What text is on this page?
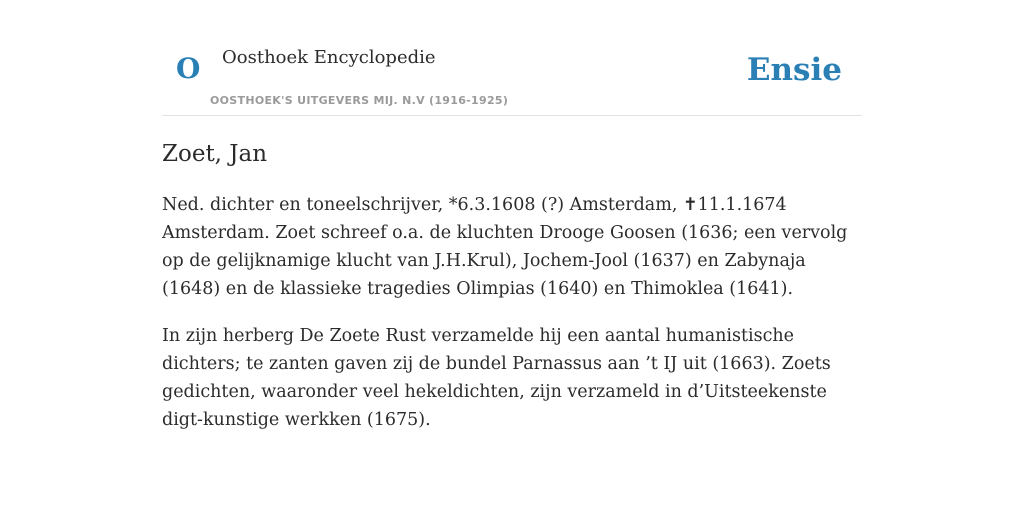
O Oosthoek Encyclopedie
OOSTHOEK'S UITGEVERS MIJ. N.V (1916-1925)
Ensie
Zoet, Jan

Ned. dichter en toneelschrijver, *6.3.1608 (?) Amsterdam, ✝11.1.1674 Amsterdam. Zoet schreef o.a. de kluchten Drooge Goosen (1636; een vervolg op de gelijknamige klucht van J.H.Krul), Jochem-Jool (1637) en Zabynaja (1648) en de klassieke tragedies Olimpias (1640) en Thimoklea (1641).

In zijn herberg De Zoete Rust verzamelde hij een aantal humanistische dichters; te zanten gaven zij de bundel Parnassus aan ’t IJ uit (1663). Zoets gedichten, waaronder veel hekeldichten, zijn verzameld in d’Uitsteekenste digt-kunstige werkken (1675).
